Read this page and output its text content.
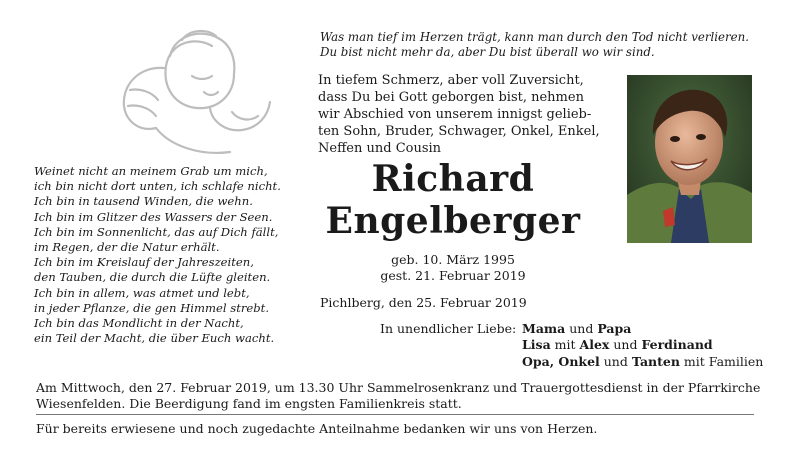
Weinet nicht an meinem Grab um mich,
ich bin nicht dort unten, ich schlafe nicht.
Ich bin in tausend Winden, die wehn.
Ich bin im Glitzer des Wassers der Seen.
Ich bin im Sonnenlicht, das auf Dich fällt,
im Regen, der die Natur erhält.
Ich bin im Kreislauf der Jahreszeiten,
den Tauben, die durch die Lüfte gleiten.
Ich bin in allem, was atmet und lebt,
in jeder Pflanze, die gen Himmel strebt.
Ich bin das Mondlicht in der Nacht,
ein Teil der Macht, die über Euch wacht.
Was man tief im Herzen trägt, kann man durch den Tod nicht verlieren.
Du bist nicht mehr da, aber Du bist überall wo wir sind.
In tiefem Schmerz, aber voll Zuversicht,
dass Du bei Gott geborgen bist, nehmen
wir Abschied von unserem innigst gelieb-
ten Sohn, Bruder, Schwager, Onkel, Enkel,
Neffen und Cousin
Richard
Engelberger
geb. 10. März 1995
gest. 21. Februar 2019
Pichlberg, den 25. Februar 2019
In unendlicher Liebe: Mama und Papa
Lisa mit Alex und Ferdinand
Opa, Onkel und Tanten mit Familien
Am Mittwoch, den 27. Februar 2019, um 13.30 Uhr Sammelrosenkranz und Trauergottesdienst in der Pfarrkirche
Wiesenfelden. Die Beerdigung fand im engsten Familienkreis statt.
Für bereits erwiesene und noch zugedachte Anteilnahme bedanken wir uns von Herzen.
